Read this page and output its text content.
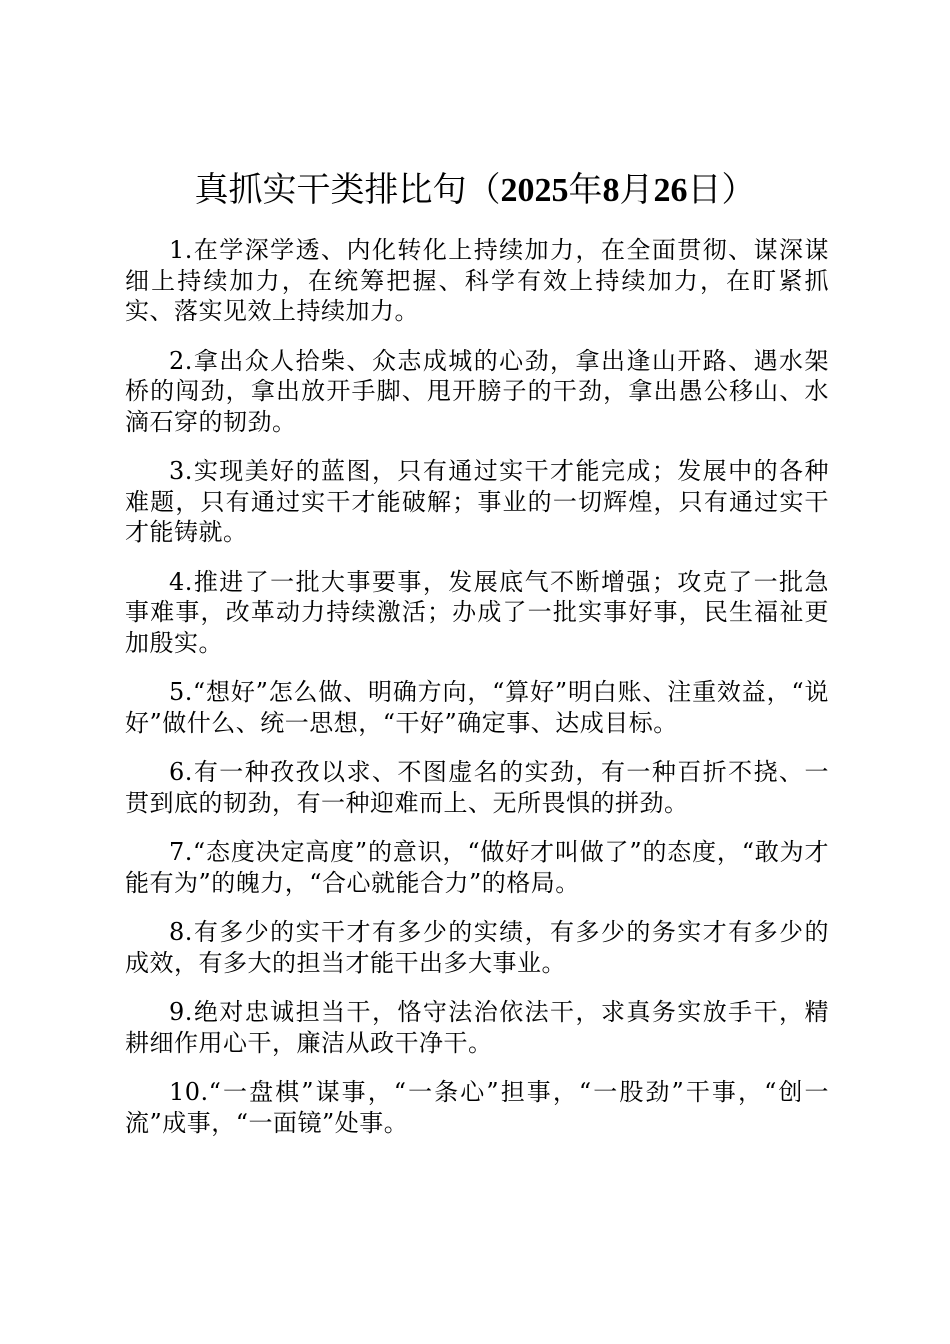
真抓实干类排比句（2025年8月26日）

1.在学深学透、内化转化上持续加力，在全面贯彻、谋深谋细上持续加力，在统筹把握、科学有效上持续加力，在盯紧抓实、落实见效上持续加力。

2.拿出众人拾柴、众志成城的心劲，拿出逢山开路、遇水架桥的闯劲，拿出放开手脚、甩开膀子的干劲，拿出愚公移山、水滴石穿的韧劲。

3.实现美好的蓝图，只有通过实干才能完成；发展中的各种难题，只有通过实干才能破解；事业的一切辉煌，只有通过实干才能铸就。

4.推进了一批大事要事，发展底气不断增强；攻克了一批急事难事，改革动力持续激活；办成了一批实事好事，民生福祉更加殷实。

5.“想好”怎么做、明确方向，“算好”明白账、注重效益，“说好”做什么、统一思想，“干好”确定事、达成目标。

6.有一种孜孜以求、不图虚名的实劲，有一种百折不挠、一贯到底的韧劲，有一种迎难而上、无所畏惧的拼劲。

7.“态度决定高度”的意识，“做好才叫做了”的态度，“敢为才能有为”的魄力，“合心就能合力”的格局。

8.有多少的实干才有多少的实绩，有多少的务实才有多少的成效，有多大的担当才能干出多大事业。

9.绝对忠诚担当干，恪守法治依法干，求真务实放手干，精耕细作用心干，廉洁从政干净干。

10.“一盘棋”谋事，“一条心”担事，“一股劲”干事，“创一流”成事，“一面镜”处事。
